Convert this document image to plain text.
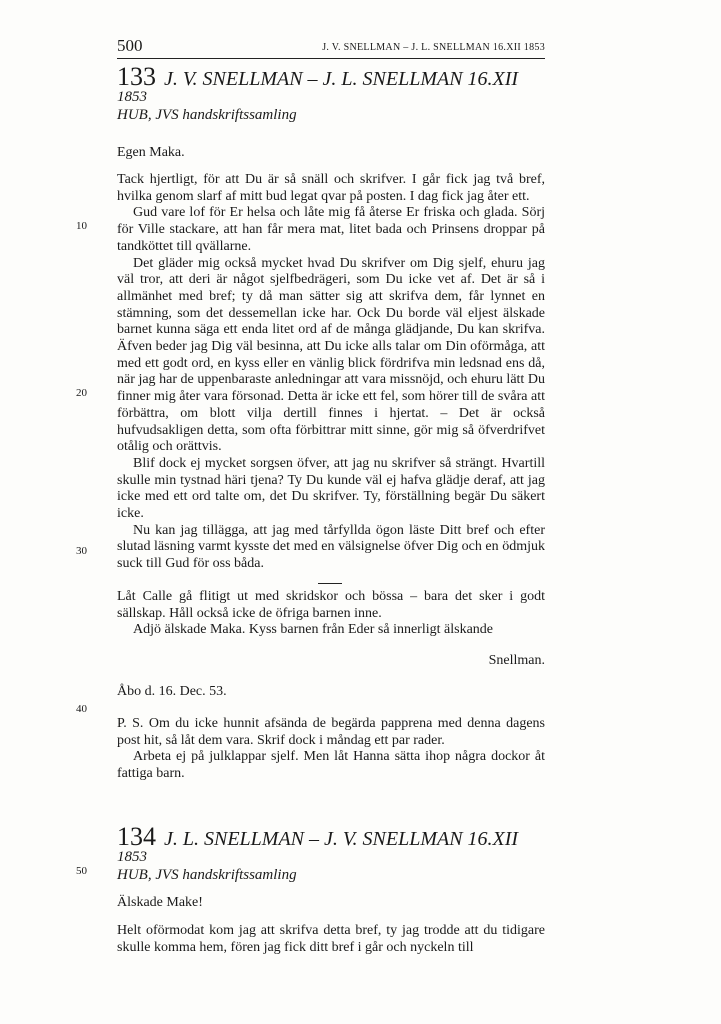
500	J. V. SNELLMAN – J. L. SNELLMAN 16.XII 1853
10
20
30
40
50
133 J. V. SNELLMAN – J. L. SNELLMAN 16.XII
1853
HUB, JVS handskriftssamling

Egen Maka.

Tack hjertligt, för att Du är så snäll och skrifver. I går fick jag två bref, hvilka genom slarf af mitt bud legat qvar på posten. I dag fick jag åter ett.

Gud vare lof för Er helsa och låte mig få återse Er friska och glada. Sörj för Ville stackare, att han får mera mat, litet bada och Prinsens droppar på tandköttet till qvällarne.

Det gläder mig också mycket hvad Du skrifver om Dig sjelf, ehuru jag väl tror, att deri är något sjelfbedrägeri, som Du icke vet af. Det är så i allmänhet med bref; ty då man sätter sig att skrifva dem, får lynnet en stämning, som det dessemellan icke har. Ock Du borde väl eljest älskade barnet kunna säga ett enda litet ord af de många glädjande, Du kan skrifva. Äfven beder jag Dig väl besinna, att Du icke alls talar om Din oförmåga, att med ett godt ord, en kyss eller en vänlig blick fördrifva min ledsnad ens då, när jag har de uppenbaraste anledningar att vara missnöjd, och ehuru lätt Du finner mig åter vara försonad. Detta är icke ett fel, som hörer till de svåra att förbättra, om blott vilja dertill finnes i hjertat. – Det är också hufvudsakligen detta, som ofta förbittrar mitt sinne, gör mig så öfverdrifvet otålig och orättvis.

Blif dock ej mycket sorgsen öfver, att jag nu skrifver så strängt. Hvartill skulle min tystnad häri tjena? Ty Du kunde väl ej hafva glädje deraf, att jag icke med ett ord talte om, det Du skrifver. Ty, förställning begär Du säkert icke.

Nu kan jag tillägga, att jag med tårfyllda ögon läste Ditt bref och efter slutad läsning varmt kysste det med en välsignelse öfver Dig och en ödmjuk suck till Gud för oss båda.

Låt Calle gå flitigt ut med skridskor och bössa – bara det sker i godt sällskap. Håll också icke de öfriga barnen inne.

Adjö älskade Maka. Kyss barnen från Eder så innerligt älskande

Snellman.

Åbo d. 16. Dec. 53.

P. S. Om du icke hunnit afsända de begärda papprena med denna dagens post hit, så låt dem vara. Skrif dock i måndag ett par rader.

Arbeta ej på julklappar sjelf. Men låt Hanna sätta ihop några dockor åt fattiga barn.

134 J. L. SNELLMAN – J. V. SNELLMAN 16.XII
1853
HUB, JVS handskriftssamling

Älskade Make!

Helt oförmodat kom jag att skrifva detta bref, ty jag trodde att du tidigare skulle komma hem, fören jag fick ditt bref i går och nyckeln till
